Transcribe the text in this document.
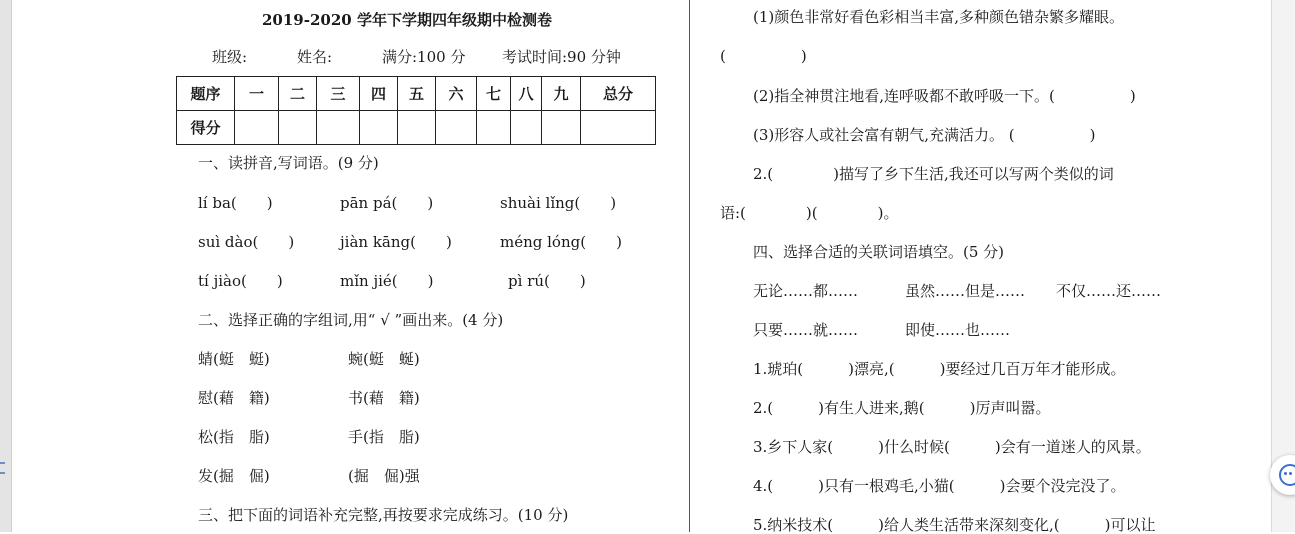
2019-2020 学年下学期四年级期中检测卷
班级:	姓名:	满分:100 分 考试时间:90 分钟
题序	一	二	三	四	五	六	七	八	九	总分
得分										
一、读拼音,写词语。(9 分)
lí ba(　　)	pān pá(　　)	shuài lǐng(　　)
suì dào(　　)	jiàn kāng(　　)	méng lóng(　　)
tí jiào(　　)	mǐn jié(　　)	pì rú(　　)
二、选择正确的字组词,用“ √ ”画出来。(4 分)
蜻(蜓　蜓)	蜿(蜓　蜒)
慰(藉　籍)	书(藉　籍)
松(指　脂)	手(指　脂)
发(掘　倔)	(掘　倔)强
三、把下面的词语补充完整,再按要求完成练习。(10 分)
(1)颜色非常好看色彩相当丰富,多种颜色错杂繁多耀眼。
(　　　　　)
(2)指全神贯注地看,连呼吸都不敢呼吸一下。(　　　　　)
(3)形容人或社会富有朝气,充满活力。 (　　　　　)
2.(　　　　)描写了乡下生活,我还可以写两个类似的词
语:(　　　　)(　　　　)。
四、选择合适的关联词语填空。(5 分)
无论……都……	虽然……但是…… 不仅……还……
只要……就……	即使……也……
1.琥珀(　　　)漂亮,(　　　)要经过几百万年才能形成。
2.(　　　)有生人进来,鹅(　　　)厉声叫嚣。
3.乡下人家(　　　)什么时候(　　　)会有一道迷人的风景。
4.(　　　)只有一根鸡毛,小猫(　　　)会要个没完没了。
5.纳米技术(　　　)给人类生活带来深刻变化,(　　　)可以让
